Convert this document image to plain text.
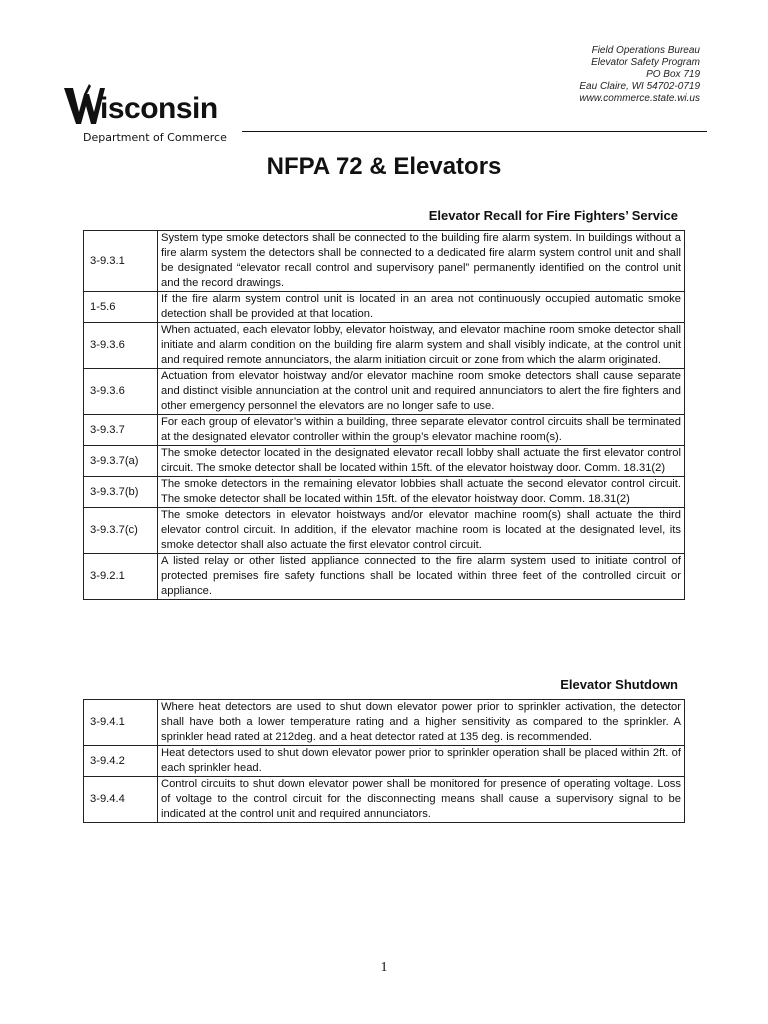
Field Operations Bureau
Elevator Safety Program
PO Box 719
Eau Claire, WI 54702-0719
www.commerce.state.wi.us
isconsin
Department of Commerce
NFPA 72 & Elevators
Elevator Recall for Fire Fighters’ Service
3-9.3.1	System type smoke detectors shall be connected to the building fire alarm system. In buildings without a fire alarm system the detectors shall be connected to a dedicated fire alarm system control unit and shall be designated “elevator recall control and supervisory panel” permanently identified on the control unit and the record drawings.
1-5.6	If the fire alarm system control unit is located in an area not continuously occupied automatic smoke detection shall be provided at that location.
3-9.3.6	When actuated, each elevator lobby, elevator hoistway, and elevator machine room smoke detector shall initiate and alarm condition on the building fire alarm system and shall visibly indicate, at the control unit and required remote annunciators, the alarm initiation circuit or zone from which the alarm originated.
3-9.3.6	Actuation from elevator hoistway and/or elevator machine room smoke detectors shall cause separate and distinct visible annunciation at the control unit and required annunciators to alert the fire fighters and other emergency personnel the elevators are no longer safe to use.
3-9.3.7	For each group of elevator’s within a building, three separate elevator control circuits shall be terminated at the designated elevator controller within the group’s elevator machine room(s).
3-9.3.7(a)	The smoke detector located in the designated elevator recall lobby shall actuate the first elevator control circuit. The smoke detector shall be located within 15ft. of the elevator hoistway door. Comm. 18.31(2)
3-9.3.7(b)	The smoke detectors in the remaining elevator lobbies shall actuate the second elevator control circuit. The smoke detector shall be located within 15ft. of the elevator hoistway door. Comm. 18.31(2)
3-9.3.7(c)	The smoke detectors in elevator hoistways and/or elevator machine room(s) shall actuate the third elevator control circuit. In addition, if the elevator machine room is located at the designated level, its smoke detector shall also actuate the first elevator control circuit.
3-9.2.1	A listed relay or other listed appliance connected to the fire alarm system used to initiate control of protected premises fire safety functions shall be located within three feet of the controlled circuit or appliance.
Elevator Shutdown
3-9.4.1	Where heat detectors are used to shut down elevator power prior to sprinkler activation, the detector shall have both a lower temperature rating and a higher sensitivity as compared to the sprinkler. A sprinkler head rated at 212deg. and a heat detector rated at 135 deg. is recommended.
3-9.4.2	Heat detectors used to shut down elevator power prior to sprinkler operation shall be placed within 2ft. of each sprinkler head.
3-9.4.4	Control circuits to shut down elevator power shall be monitored for presence of operating voltage. Loss of voltage to the control circuit for the disconnecting means shall cause a supervisory signal to be indicated at the control unit and required annunciators.
1
